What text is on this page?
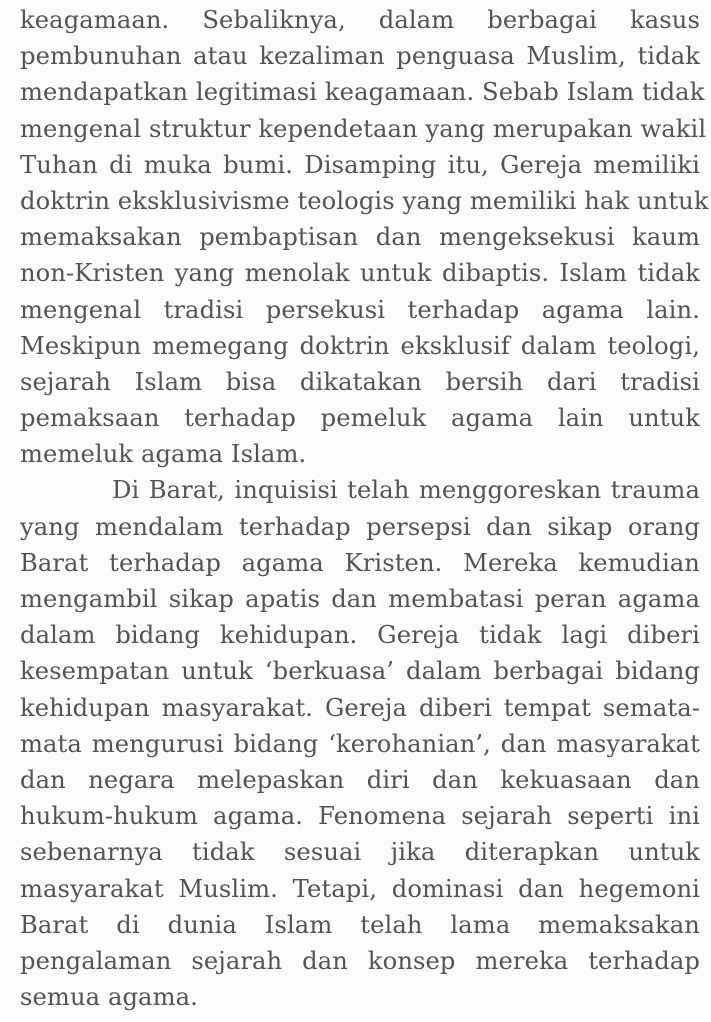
keagamaan. Sebaliknya, dalam berbagai kasus
pembunuhan atau kezaliman penguasa Muslim, tidak
mendapatkan legitimasi keagamaan. Sebab Islam tidak
mengenal struktur kependetaan yang merupakan wakil
Tuhan di muka bumi. Disamping itu, Gereja memiliki
doktrin eksklusivisme teologis yang memiliki hak untuk
memaksakan pembaptisan dan mengeksekusi kaum
non-Kristen yang menolak untuk dibaptis. Islam tidak
mengenal tradisi persekusi terhadap agama lain.
Meskipun memegang doktrin eksklusif dalam teologi,
sejarah Islam bisa dikatakan bersih dari tradisi
pemaksaan terhadap pemeluk agama lain untuk
memeluk agama Islam.
Di Barat, inquisisi telah menggoreskan trauma
yang mendalam terhadap persepsi dan sikap orang
Barat terhadap agama Kristen. Mereka kemudian
mengambil sikap apatis dan membatasi peran agama
dalam bidang kehidupan. Gereja tidak lagi diberi
kesempatan untuk ‘berkuasa’ dalam berbagai bidang
kehidupan masyarakat. Gereja diberi tempat semata-
mata mengurusi bidang ‘kerohanian’, dan masyarakat
dan negara melepaskan diri dan kekuasaan dan
hukum-hukum agama. Fenomena sejarah seperti ini
sebenarnya tidak sesuai jika diterapkan untuk
masyarakat Muslim. Tetapi, dominasi dan hegemoni
Barat di dunia Islam telah lama memaksakan
pengalaman sejarah dan konsep mereka terhadap
semua agama.
